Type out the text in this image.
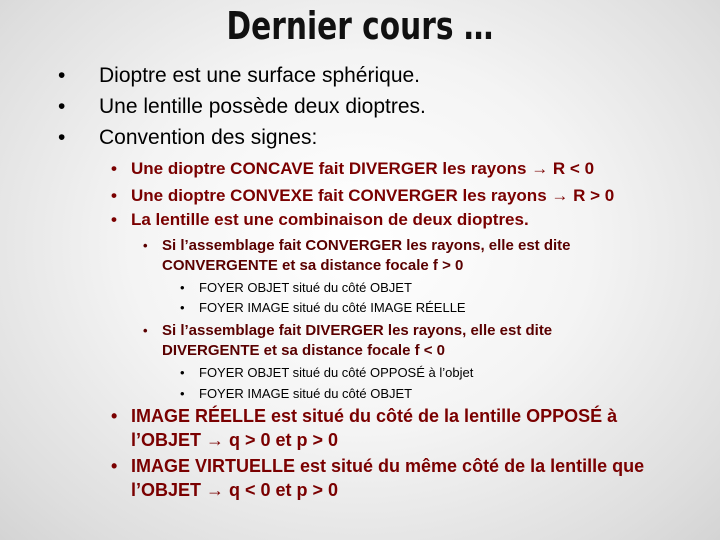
Dernier cours …
• Dioptre est une surface sphérique.
• Une lentille possède deux dioptres.
• Convention des signes:
• Une dioptre CONCAVE fait DIVERGER les rayons → R < 0
• Une dioptre CONVEXE fait CONVERGER les rayons → R > 0
• La lentille est une combinaison de deux dioptres.
• Si l’assemblage fait CONVERGER les rayons, elle est dite
CONVERGENTE et sa distance focale f > 0
• FOYER OBJET situé du côté OBJET
• FOYER IMAGE situé du côté IMAGE RÉELLE
• Si l’assemblage fait DIVERGER les rayons, elle est dite
DIVERGENTE et sa distance focale f < 0
• FOYER OBJET situé du côté OPPOSÉ à l’objet
• FOYER IMAGE situé du côté OBJET
• IMAGE RÉELLE est situé du côté de la lentille OPPOSÉ à
l’OBJET → q > 0 et p > 0
• IMAGE VIRTUELLE est situé du même côté de la lentille que
l’OBJET → q < 0 et p > 0
